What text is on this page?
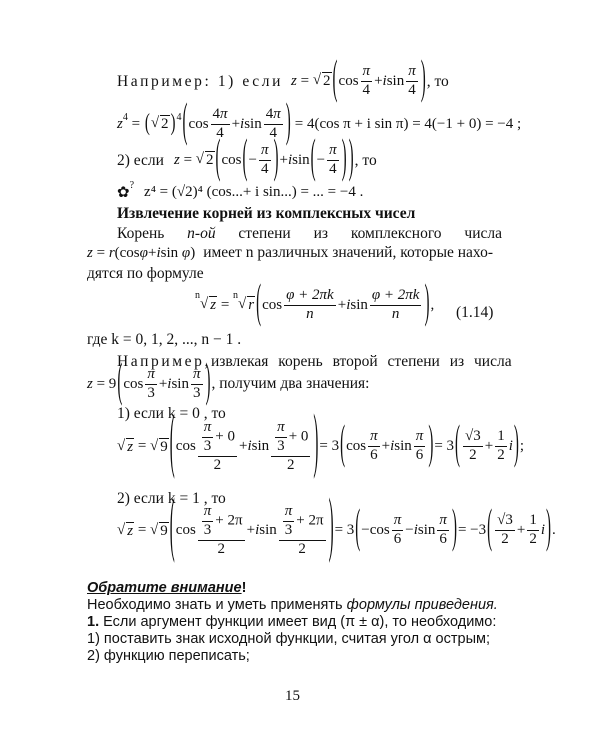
Например: 1) если z = √ 2 ( $\cos \frac{\pi}{4} + i$ $\sin \frac{\pi}{4}$ ) , то
z 4 = ( √ 2 ) 4 ( $\cos \frac{4\pi}{4} + i$ $\sin \frac{4\pi}{4}$ ) = 4(cos π + i sin π) = 4(−1 + 0) = −4 ;
2) если z = √ 2 ( cos ( − $\frac{\pi}{4}$ ) + i sin ( − $\frac{\pi}{4}$ ) ) , то
✿ ? z⁴ = (√2)⁴ (cos...+ i sin...) = ... = −4 .
Извлечение корней из комплексных чисел
Корень n-ой степени из комплексного числа
z = r (cos φ + i sin φ ) имеет n различных значений, которые нахо-
дятся по формуле
n
√ z =
n
√ r ( $\cos \frac{\varphi + 2\pi k}{n} + i$ $\sin \frac{\varphi + 2\pi k}{n}$ ) , (1.14)
где k = 0, 1, 2, ..., n − 1 .
Например, извлекая корень второй степени из числа
z = 9 ( $\cos \frac{\pi}{3} + i$ $\sin \frac{\pi}{3}$ ) , получим два значения:
1) если k = 0 , то
√ z = √ 9 ( $\cos \frac{\frac{\pi}{3} + 0}{2} + i$ $\sin \frac{\frac{\pi}{3} + 0}{2}$ ) = 3 ( $\cos \frac{\pi}{6} + i$ $\sin \frac{\pi}{6}$ ) = 3 ( $\frac{√3}{2} + \frac{1}{2}$ i ) ;
2) если k = 1 , то
√ z = √ 9 ( $\cos \frac{\frac{\pi}{3} + 2\pi}{2} + i$ $\sin \frac{\frac{\pi}{3} + 2\pi}{2}$ ) = 3 ( $-\cos \frac{\pi}{6} - i$ $\sin \frac{\pi}{6}$ ) = −3 ( $\frac{√3}{2} + \frac{1}{2}$ i ) .
Обратите внимание!
Необходимо знать и уметь применять формулы приведения.
1. Если аргумент функции имеет вид (π ± α), то необходимо:
1) поставить знак исходной функции, считая угол α острым;
2) функцию переписать;
15
